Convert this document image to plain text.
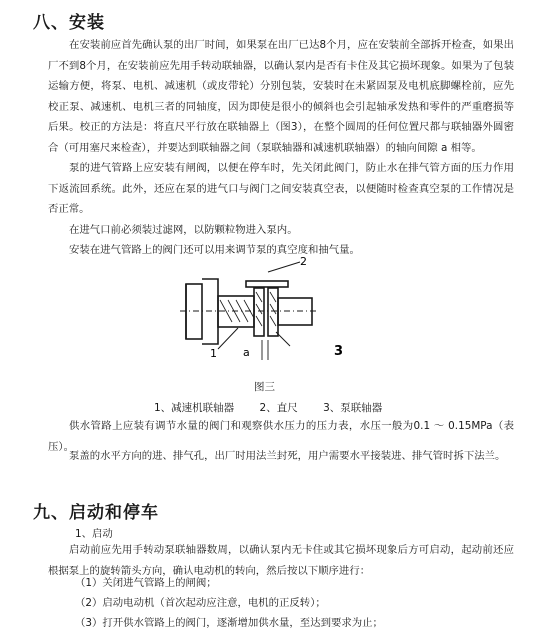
八、安装

在安装前应首先确认泵的出厂时间，如果泵在出厂已达8个月，应在安装前全部拆开检查，如果出厂不到8个月，在安装前应先用手转动联轴器，以确认泵内是否有卡住及其它损坏现象。如果为了包装运输方便，将泵、电机、减速机（或皮带轮）分别包装，安装时在未紧固泵及电机底脚螺栓前，应先校正泵、减速机、电机三者的同轴度，因为即使是很小的倾斜也会引起轴承发热和零件的严重磨损等后果。校正的方法是：将直尺平行放在联轴器上（图3），在整个圆周的任何位置尺都与联轴器外圆密合（可用塞尺来检查），并要达到联轴器之间（泵联轴器和减速机联轴器）的轴向间隙 a 相等。

泵的进气管路上应安装有闸阀，以便在停车时，先关闭此阀门，防止水在排气管方面的压力作用下返流回系统。此外，还应在泵的进气口与阀门之间安装真空表，以便随时检查真空泵的工作情况是否正常。

在进气口前必须装过滤网，以防颗粒物进入泵内。

安装在进气管路上的阀门还可以用来调节泵的真空度和抽气量。

2
1	3
a
图三
1、减速机联轴器 2、直尺 3、泵联轴器

供水管路上应装有调节水量的阀门和观察供水压力的压力表，水压一般为0.1 ～ 0.15MPa（表压）。

泵盖的水平方向的进、排气孔，出厂时用法兰封死，用户需要水平接装进、排气管时拆下法兰。

九、启动和停车
1、启动

启动前应先用手转动泵联轴器数周，以确认泵内无卡住或其它损坏现象后方可启动，起动前还应根据泵上的旋转箭头方向，确认电动机的转向，然后按以下顺序进行：

（1）关闭进气管路上的闸阀；
（2）启动电动机（首次起动应注意，电机的正反转）；
（3）打开供水管路上的阀门，逐渐增加供水量，至达到要求为止；
